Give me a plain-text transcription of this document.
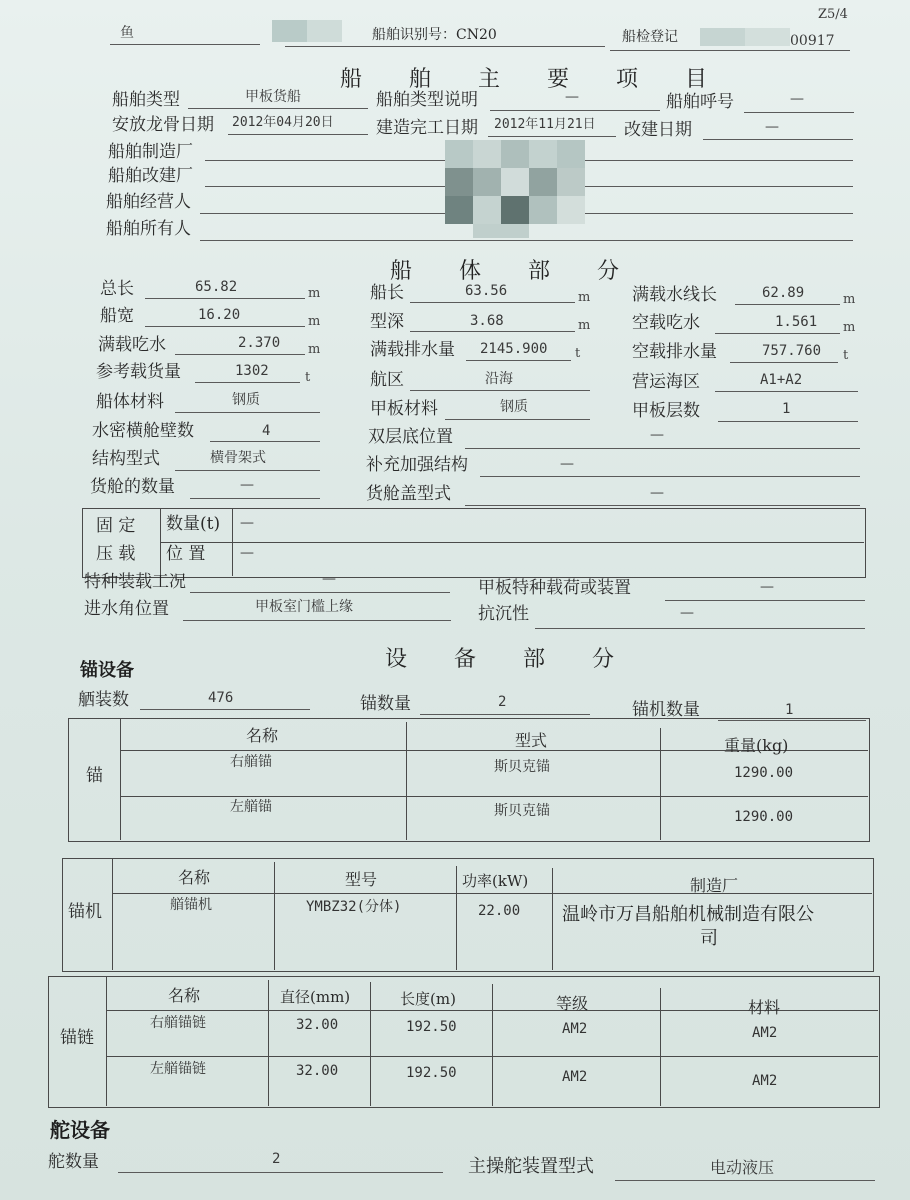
鱼	船舶识别号：CN20	船检登记	00917
Z5/4
船 舶 主 要 项 目
船舶类型	甲板货船	船舶类型说明	—	船舶呼号	—
安放龙骨日期 2012年04月20日 建造完工日期 2012年11月21日 改建日期	—
船舶制造厂
船舶改建厂
船舶经营人
船舶所有人
船 体 部 分
总长	65.82	m	船长	63.56	m 满载水线长	62.89	m
船宽	16.20	m	型深	3.68	m 空载吃水	1.561 m
满载吃水	2.370 m	满载排水量 2145.900 t	空载排水量	757.760 t
参考载货量	1302	t	航区	沿海	营运海区	A1+A2
船体材料	钢质	甲板材料	钢质	甲板层数	1
水密横舱壁数	4	双层底位置	—
结构型式	横骨架式	补充加强结构	—
货舱的数量	—	货舱盖型式	—
固 定
压 载
数量(t) —
位 置 —
特种装载工况	—	甲板特种载荷或装置	—
进水角位置	甲板室门槛上缘	抗沉性	—
设 备 部 分
锚设备
舾装数	476	锚数量	2	锚机数量	1
锚
名称	型式	重量(kg)
右艏锚	斯贝克锚	1290.00
左艏锚	斯贝克锚	1290.00
锚机
名称	型号	功率(kW)	制造厂
艏锚机	YMBZ32(分体)	22.00 温岭市万昌船舶机械制造有限公
司
锚链
名称	直径(mm)	长度(m)	等级	材料
右艏锚链	32.00	192.50	AM2	AM2
左艏锚链	32.00	192.50	AM2	AM2
舵设备
舵数量	2	主操舵装置型式	电动液压
